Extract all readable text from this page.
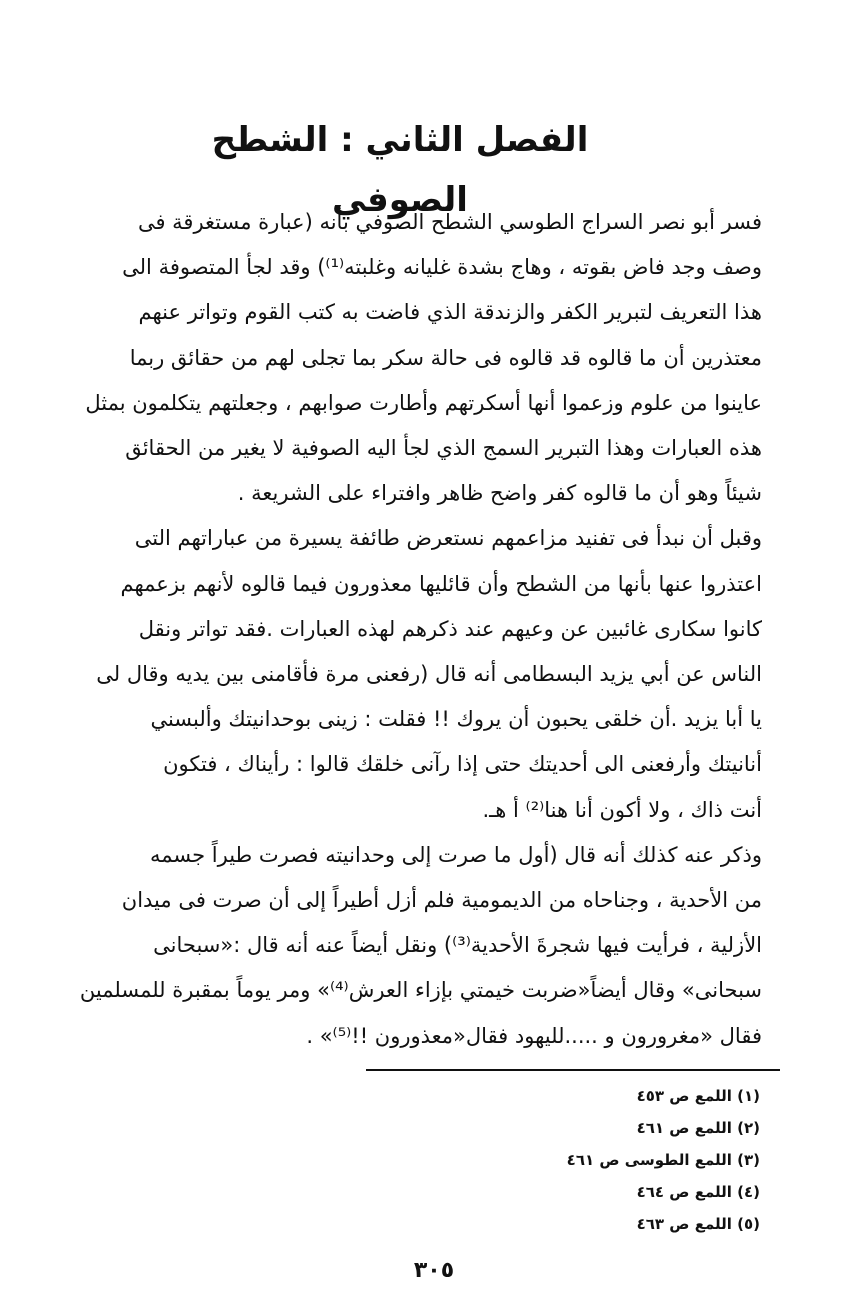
الفصل الثاني : الشطح الصوفي

فسر أبو نصر السراج الطوسي الشطح الصوفي بأنه (عبارة مستغرقة فى
وصف وجد فاض بقوته ، وهاج بشدة غليانه وغلبته⁽¹⁾) وقد لجأ المتصوفة الى
هذا التعريف لتبرير الكفر والزندقة الذي فاضت به كتب القوم وتواتر عنهم
معتذرين أن ما قالوه قد قالوه فى حالة سكر بما تجلى لهم من حقائق ربما
عاينوا من علوم وزعموا أنها أسكرتهم وأطارت صوابهم ، وجعلتهم يتكلمون بمثل
هذه العبارات وهذا التبرير السمج الذي لجأ اليه الصوفية لا يغير من الحقائق
شيئاً وهو أن ما قالوه كفر واضح ظاهر وافتراء على الشريعة .

وقبل أن نبدأ فى تفنيد مزاعمهم نستعرض طائفة يسيرة من عباراتهم التى
اعتذروا عنها بأنها من الشطح وأن قائليها معذورون فيما قالوه لأنهم بزعمهم
كانوا سكارى غائبين عن وعيهم عند ذكرهم لهذه العبارات .فقد تواتر ونقل
الناس عن أبي يزيد البسطامى أنه قال (رفعنى مرة فأقامنى بين يديه وقال لى
يا أبا يزيد .أن خلقى يحبون أن يروك !! فقلت : زينى بوحدانيتك وألبسني
أنانيتك وأرفعنى الى أحديتك حتى إذا رآنى خلقك قالوا : رأيناك ، فتكون
أنت ذاك ، ولا أكون أنا هنا⁽²⁾ أ هـ.

وذكر عنه كذلك أنه قال (أول ما صرت إلى وحدانيته فصرت طيراً جسمه
من الأحدية ، وجناحاه من الديمومية فلم أزل أطيراً إلى أن صرت فى ميدان
الأزلية ، فرأيت فيها شجرةَ الأحدية⁽³⁾) ونقل أيضاً عنه أنه قال :«سبحانى
سبحانى» وقال أيضاً«ضربت خيمتي بإزاء العرش⁽⁴⁾» ومر يوماً بمقبرة للمسلمين
فقال «مغرورون و .....لليهود فقال«معذورون !!⁽⁵⁾» .

(١) اللمع ص ٤٥٣
(٢) اللمع ص ٤٦١
(٣) اللمع الطوسى ص ٤٦١
(٤) اللمع ص ٤٦٤
(٥) اللمع ص ٤٦٣
٣٠٥
